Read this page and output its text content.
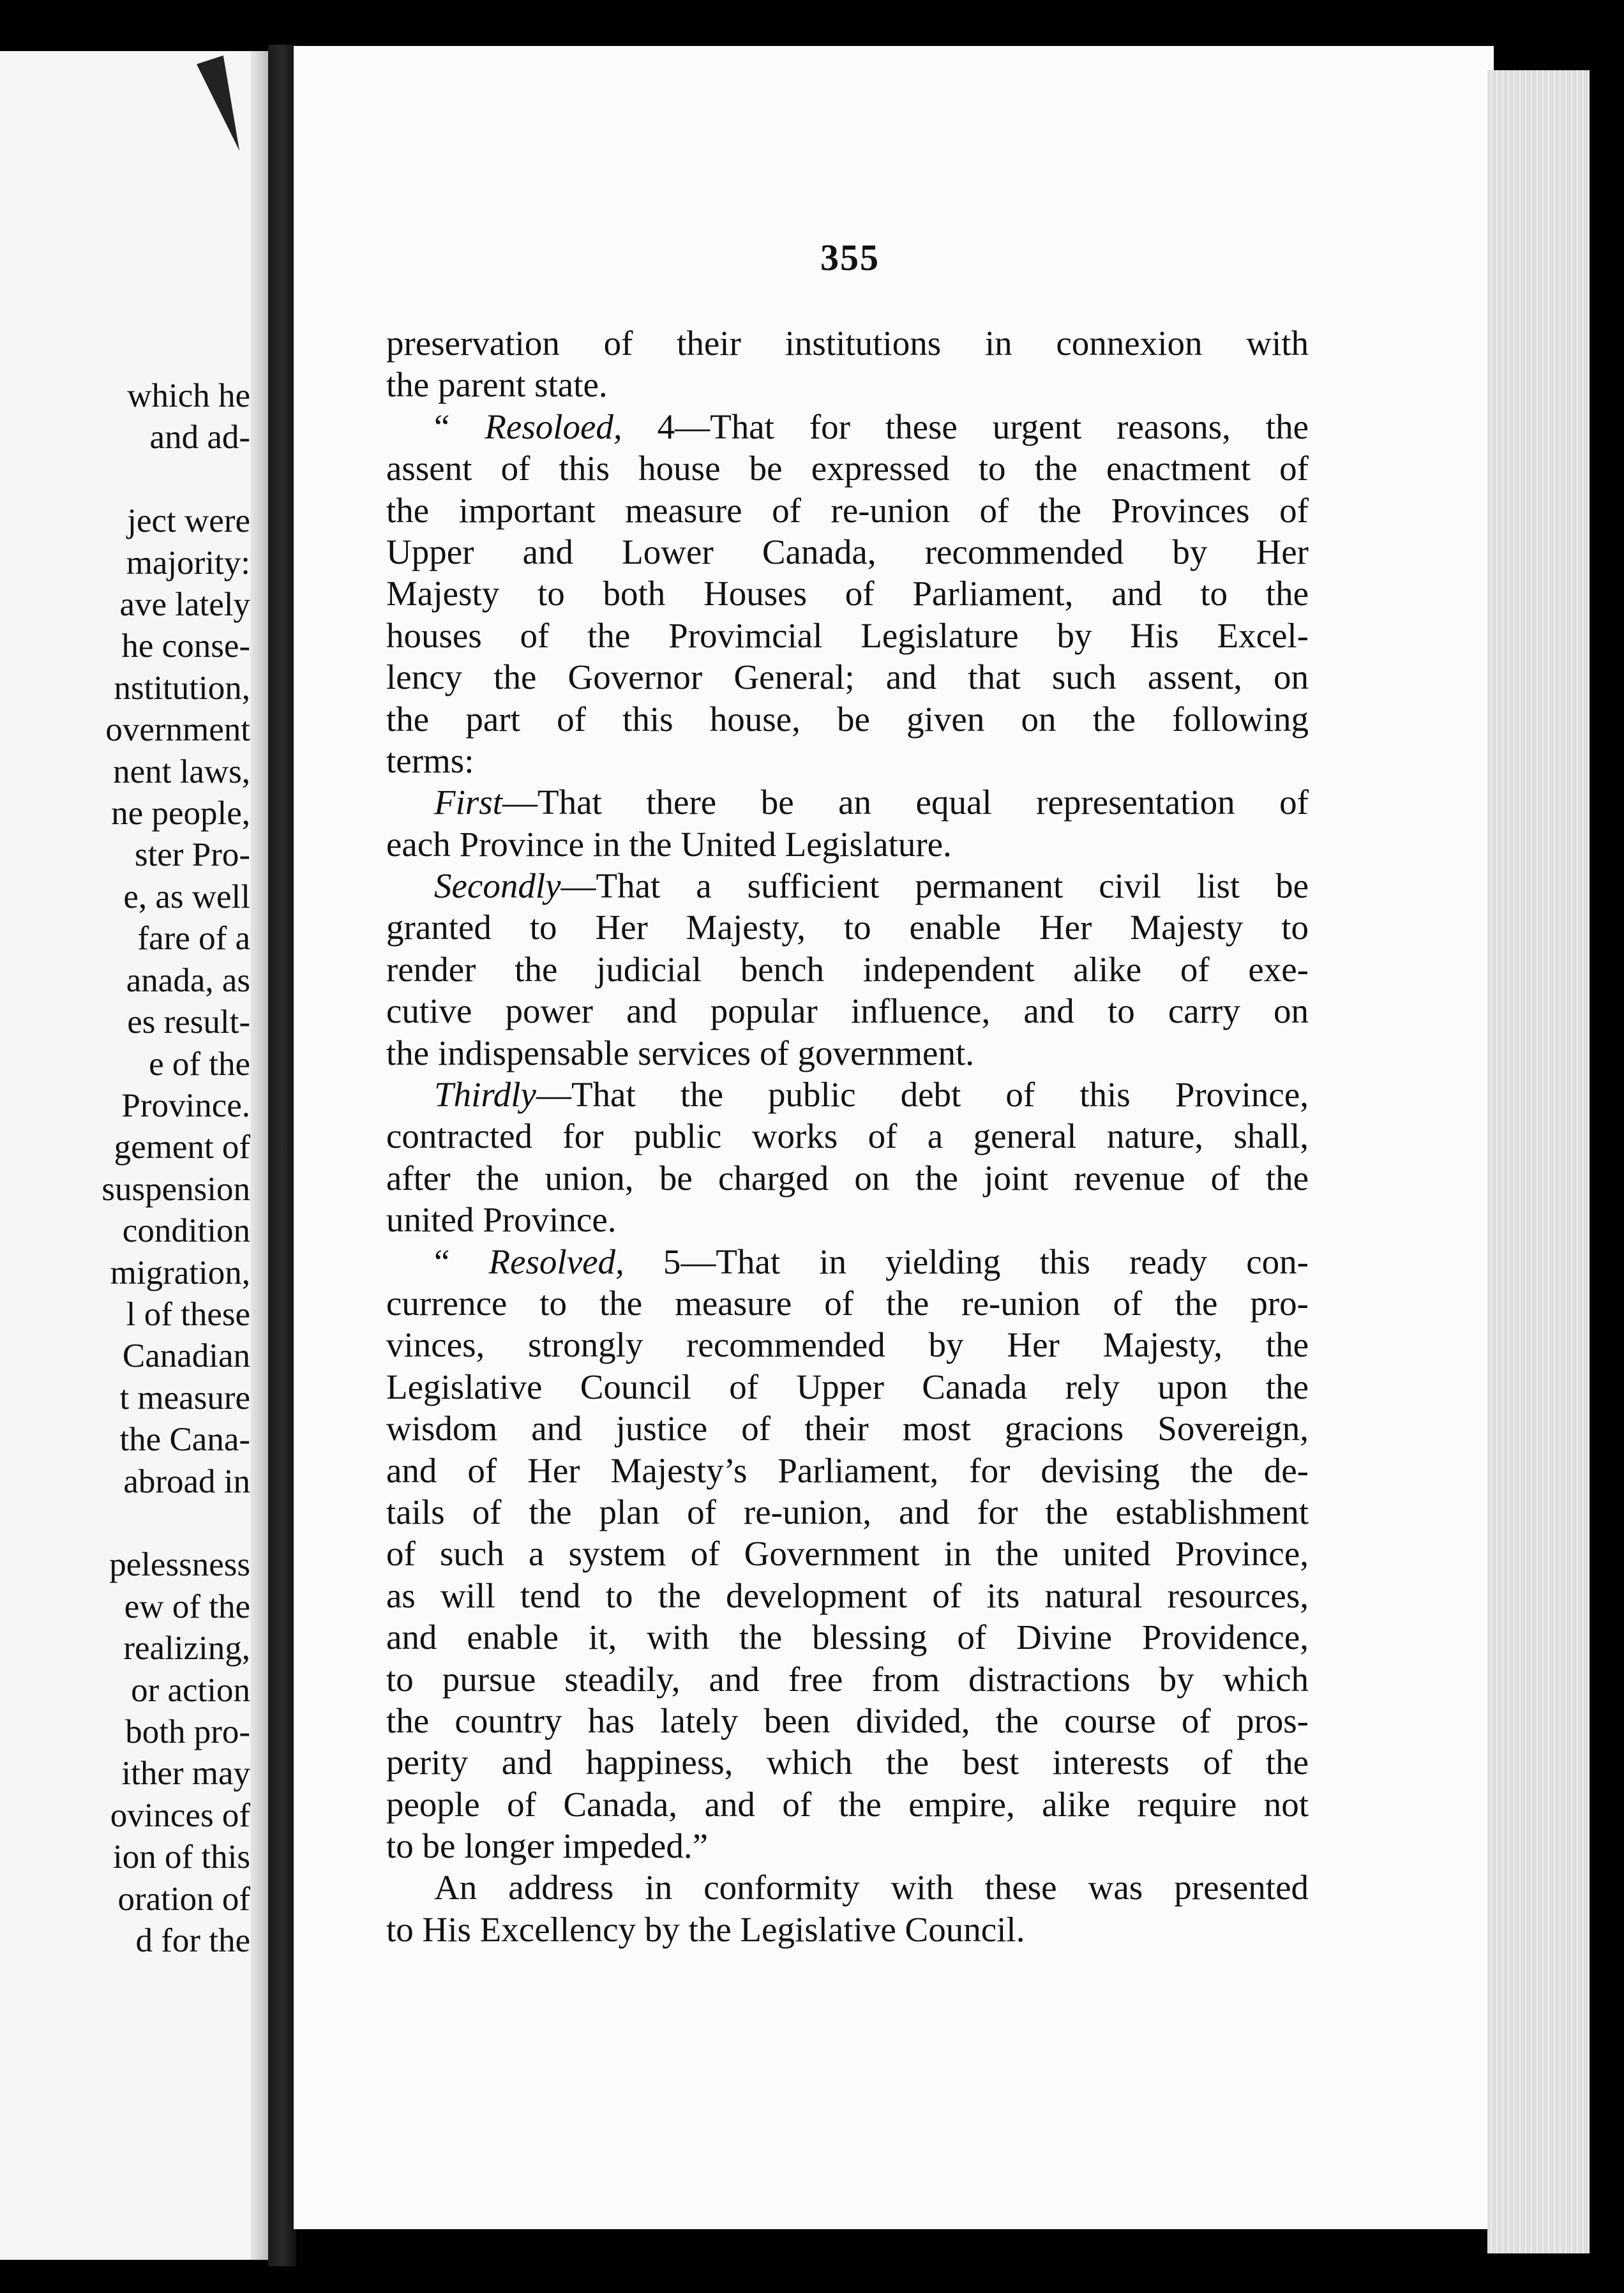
which he
and ad-

ject were
majority:
ave lately
he conse-
nstitution,
overnment
nent laws,
ne people,
ster Pro-
e, as well
fare of a
anada, as
es result-
e of the
Province.
gement of
suspension
condition
migration,
l of these
Canadian
t measure
the Cana-
abroad in

pelessness
ew of the
realizing,
or action
both pro-
ither may
ovinces of
ion of this
oration of
d for the
355
preservation of their institutions in connexion with
the parent state.
“ Resoloed, 4—That for these urgent reasons, the
assent of this house be expressed to the enactment of
the important measure of re-union of the Provinces of
Upper and Lower Canada, recommended by Her
Majesty to both Houses of Parliament, and to the
houses of the Provimcial Legislature by His Excel-
lency the Governor General; and that such assent, on
the part of this house, be given on the following
terms:
First—That there be an equal representation of
each Province in the United Legislature.
Secondly—That a sufficient permanent civil list be
granted to Her Majesty, to enable Her Majesty to
render the judicial bench independent alike of exe-
cutive power and popular influence, and to carry on
the indispensable services of government.
Thirdly—That the public debt of this Province,
contracted for public works of a general nature, shall,
after the union, be charged on the joint revenue of the
united Province.
“ Resolved, 5—That in yielding this ready con-
currence to the measure of the re-union of the pro-
vinces, strongly recommended by Her Majesty, the
Legislative Council of Upper Canada rely upon the
wisdom and justice of their most gracions Sovereign,
and of Her Majesty’s Parliament, for devising the de-
tails of the plan of re-union, and for the establishment
of such a system of Government in the united Province,
as will tend to the development of its natural resources,
and enable it, with the blessing of Divine Providence,
to pursue steadily, and free from distractions by which
the country has lately been divided, the course of pros-
perity and happiness, which the best interests of the
people of Canada, and of the empire, alike require not
to be longer impeded.”
An address in conformity with these was presented
to His Excellency by the Legislative Council.
